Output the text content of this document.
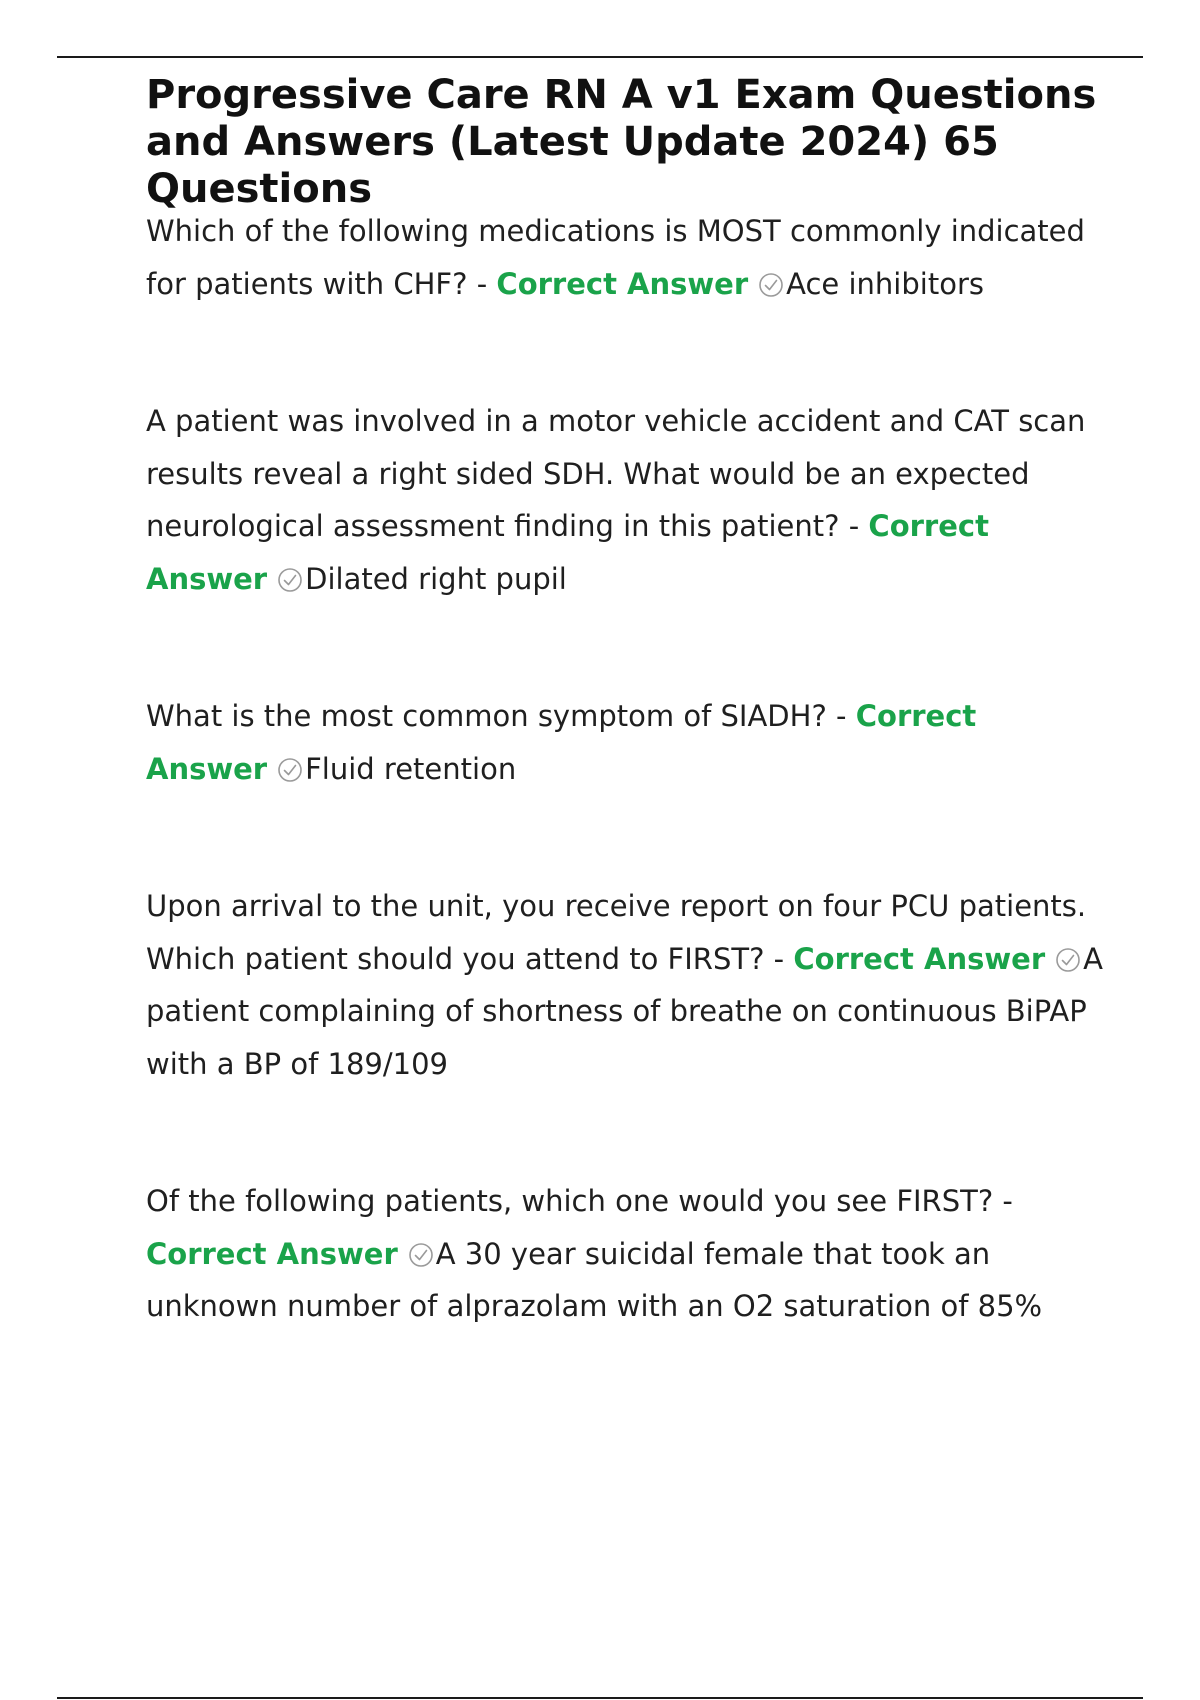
Progressive Care RN A v1 Exam Questions and Answers (Latest Update 2024) 65 Questions

Which of the following medications is MOST commonly indicated for patients with CHF? - Correct Answer Ace inhibitors

A patient was involved in a motor vehicle accident and CAT scan results reveal a right sided SDH. What would be an expected neurological assessment finding in this patient? - Correct Answer Dilated right pupil

What is the most common symptom of SIADH? - Correct Answer Fluid retention

Upon arrival to the unit, you receive report on four PCU patients. Which patient should you attend to FIRST? - Correct Answer A patient complaining of shortness of breathe on continuous BiPAP with a BP of 189/109

Of the following patients, which one would you see FIRST? - Correct Answer A 30 year suicidal female that took an unknown number of alprazolam with an O2 saturation of 85%
